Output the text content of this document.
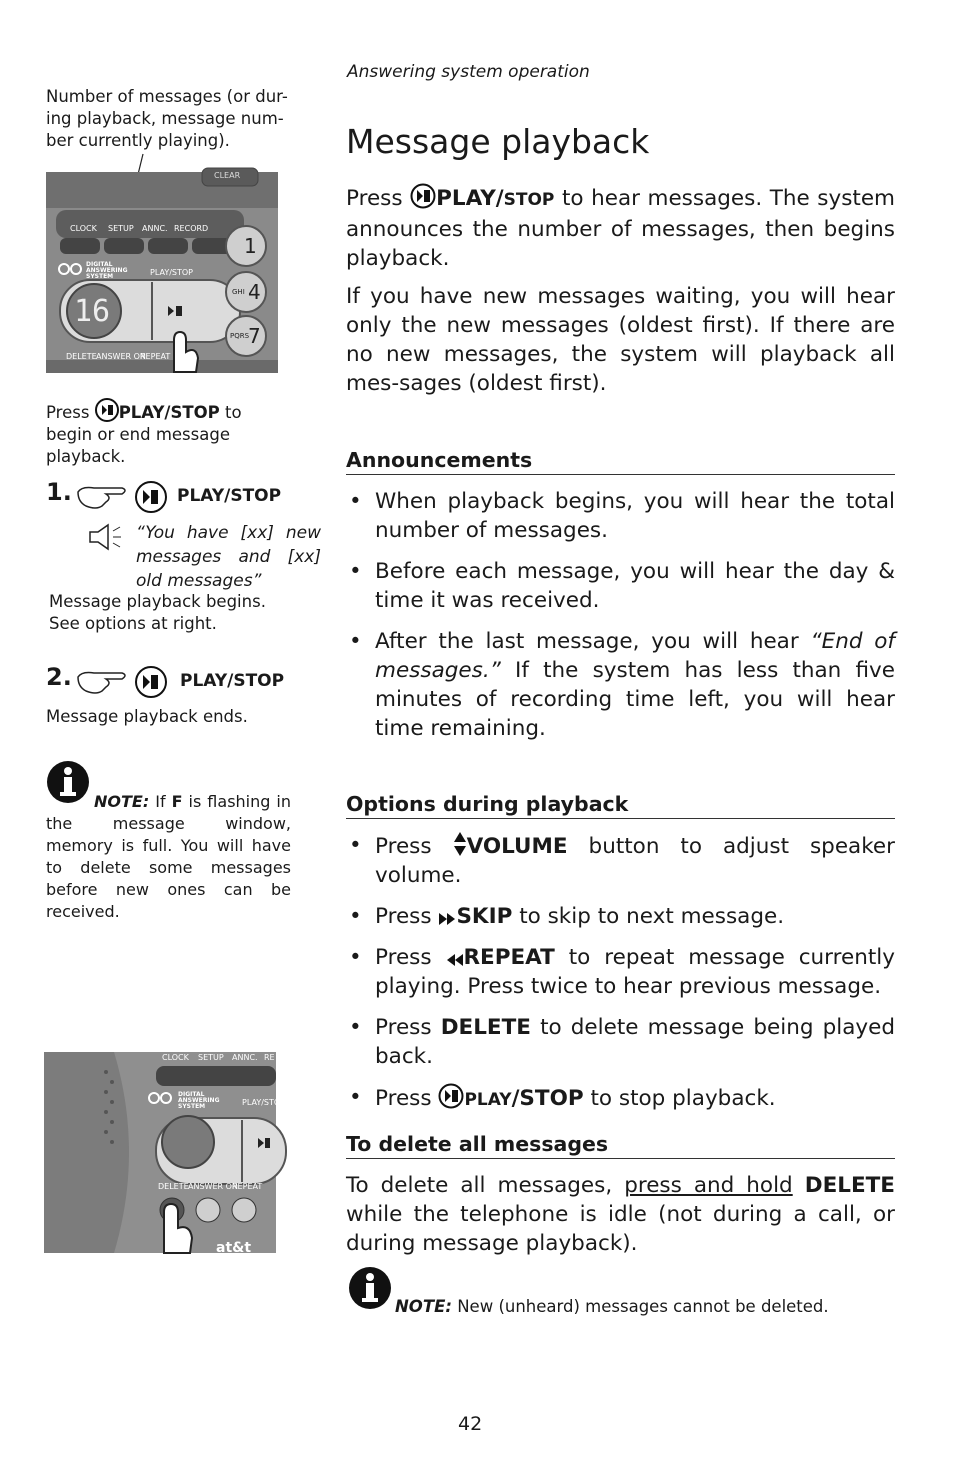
Answering system operation
Message playback
Number of messages (or dur-ing playback, message num-ber currently playing).
CLOCK SETUP ANNC. RECORD
CLEAR
DIGITAL ANSWERING SYSTEM	PLAY/STOP
16
DELETE ANSWER ON
REPEAT
1
GHI 4
PQRS
7
Press PLAY/STOP to
begin or end message playback.
1.	PLAY/STOP
“You have [xx] new messages and [xx] old messages”
Message playback begins. See options at right.
2.	PLAY/STOP
Message playback ends.
NOTE: If F is flashing in the message window, memory is full. You will have to delete some messages before new ones can be received.
CLOCK SETUP ANNC. RE
DIGITAL ANSWERING SYSTEM	PLAY/STOP
DELETE ANSWER ON
REPEAT
at&t
Press PLAY/STOP to hear messages. The system announces the number of messages, then begins playback.
If you have new messages waiting, you will hear only the new messages (oldest first). If there are no new messages, the system will playback all mes-sages (oldest first).
Announcements
• When playback begins, you will hear the total number of messages.
• Before each message, you will hear the day & time it was received.
• After the last message, you will hear “End of messages.” If the system has less than five minutes of recording time left, you will hear time remaining.
Options during playback
• Press VOLUME button to adjust speaker volume.
• Press SKIP to skip to next message.
• Press REPEAT to repeat message currently playing. Press twice to hear previous message.
• Press DELETE to delete message being played back.
• Press PLAY/STOP to stop playback.
To delete all messages
To delete all messages, press and hold DELETE while the telephone is idle (not during a call, or during message playback).
NOTE: New (unheard) messages cannot be deleted.
42
